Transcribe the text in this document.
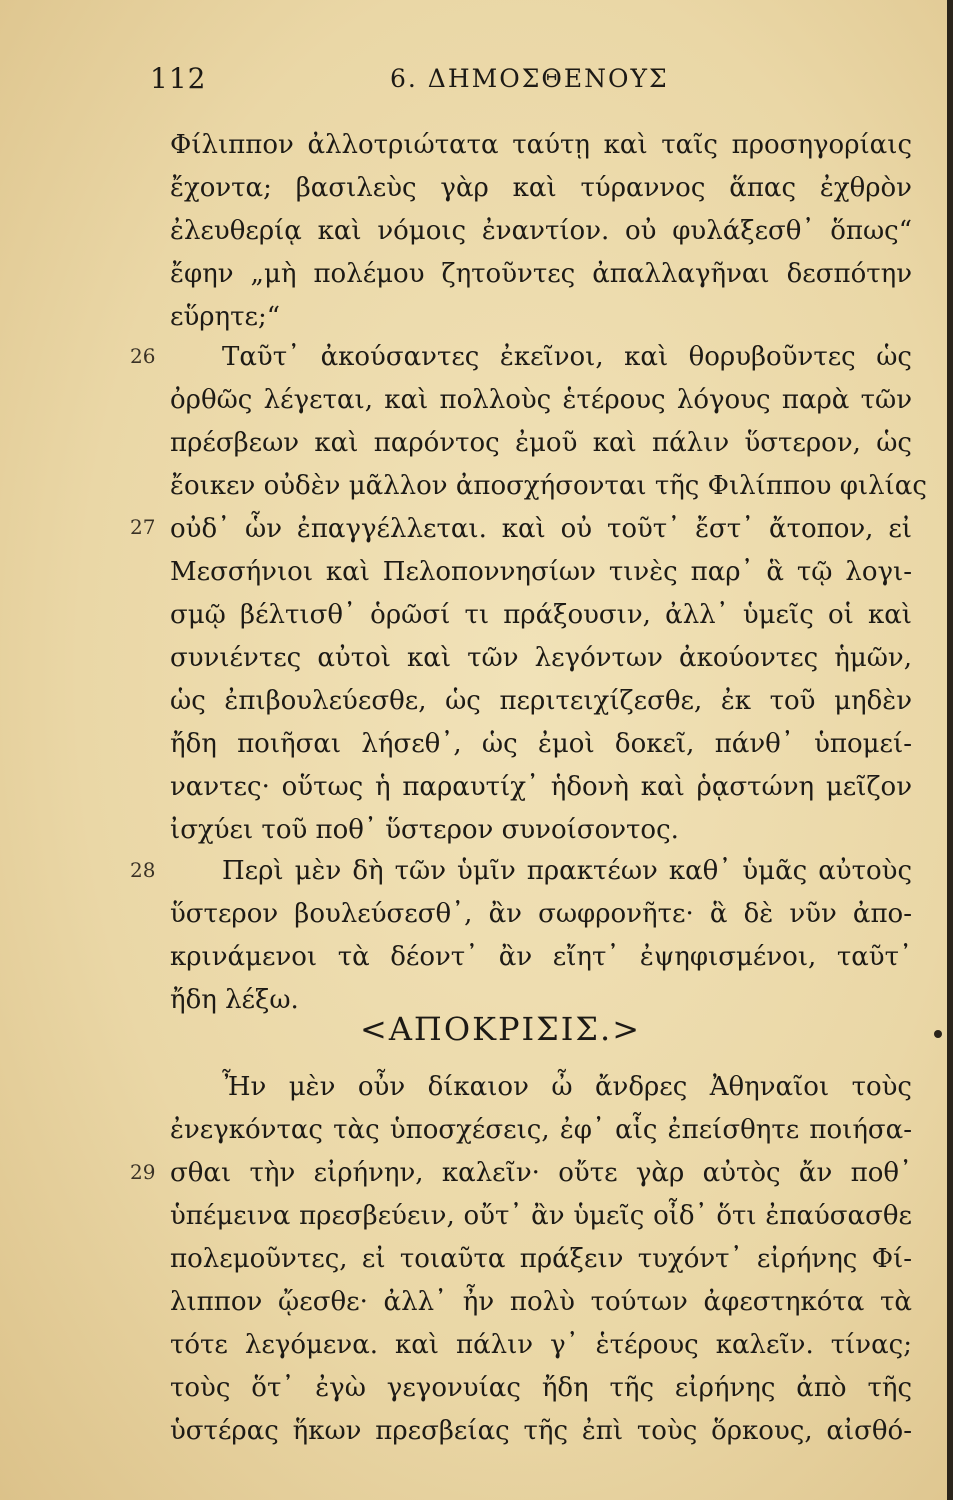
112	6. ΔΗΜΟΣΘΕΝΟΥΣ
Φίλιππον ἀλλοτριώτατα ταύτῃ καὶ ταῖς προσηγορίαις
ἔχοντα; βασιλεὺς γὰρ καὶ τύραννος ἅπας ἐχθρὸν
ἐλευθερίᾳ καὶ νόμοις ἐναντίον. οὐ φυλάξεσθ᾽ ὅπως“
ἔφην „μὴ πολέμου ζητοῦντες ἀπαλλαγῆναι δεσπότην
εὕρητε;“
26	Ταῦτ᾽ ἀκούσαντες ἐκεῖνοι, καὶ θορυβοῦντες ὡς
ὀρθῶς λέγεται, καὶ πολλοὺς ἑτέρους λόγους παρὰ τῶν
πρέσβεων καὶ παρόντος ἐμοῦ καὶ πάλιν ὕστερον, ὡς
ἔοικεν οὐδὲν μᾶλλον ἀποσχήσονται τῆς Φιλίππου φιλίας
27 οὐδ᾽ ὧν ἐπαγγέλλεται. καὶ οὐ τοῦτ᾽ ἔστ᾽ ἄτοπον, εἰ
Μεσσήνιοι καὶ Πελοποννησίων τινὲς παρ᾽ ἃ τῷ λογι-
σμῷ βέλτισθ᾽ ὁρῶσί τι πράξουσιν, ἀλλ᾽ ὑμεῖς οἱ καὶ
συνιέντες αὐτοὶ καὶ τῶν λεγόντων ἀκούοντες ἡμῶν,
ὡς ἐπιβουλεύεσθε, ὡς περιτειχίζεσθε, ἐκ τοῦ μηδὲν
ἤδη ποιῆσαι λήσεθ᾽, ὡς ἐμοὶ δοκεῖ, πάνθ᾽ ὑπομεί-
ναντες· οὕτως ἡ παραυτίχ᾽ ἡδονὴ καὶ ῥᾳστώνη μεῖζον
ἰσχύει τοῦ ποθ᾽ ὕστερον συνοίσοντος.
28	Περὶ μὲν δὴ τῶν ὑμῖν πρακτέων καθ᾽ ὑμᾶς αὐτοὺς
ὕστερον βουλεύσεσθ᾽, ἂν σωφρονῆτε· ἃ δὲ νῦν ἀπο-
κρινάμενοι τὰ δέοντ᾽ ἂν εἴητ᾽ ἐψηφισμένοι, ταῦτ᾽
ἤδη λέξω.
<ΑΠΟΚΡΙΣΙΣ.>
Ἦν μὲν οὖν δίκαιον ὦ ἄνδρες Ἀθηναῖοι τοὺς
ἐνεγκόντας τὰς ὑποσχέσεις, ἐφ᾽ αἷς ἐπείσθητε ποιήσα-
29 σθαι τὴν εἰρήνην, καλεῖν· οὔτε γὰρ αὐτὸς ἄν ποθ᾽
ὑπέμεινα πρεσβεύειν, οὔτ᾽ ἂν ὑμεῖς οἶδ᾽ ὅτι ἐπαύσασθε
πολεμοῦντες, εἰ τοιαῦτα πράξειν τυχόντ᾽ εἰρήνης Φί-
λιππον ᾤεσθε· ἀλλ᾽ ἦν πολὺ τούτων ἀφεστηκότα τὰ
τότε λεγόμενα. καὶ πάλιν γ᾽ ἑτέρους καλεῖν. τίνας;
τοὺς ὅτ᾽ ἐγὼ γεγονυίας ἤδη τῆς εἰρήνης ἀπὸ τῆς
ὑστέρας ἥκων πρεσβείας τῆς ἐπὶ τοὺς ὅρκους, αἰσθό-
